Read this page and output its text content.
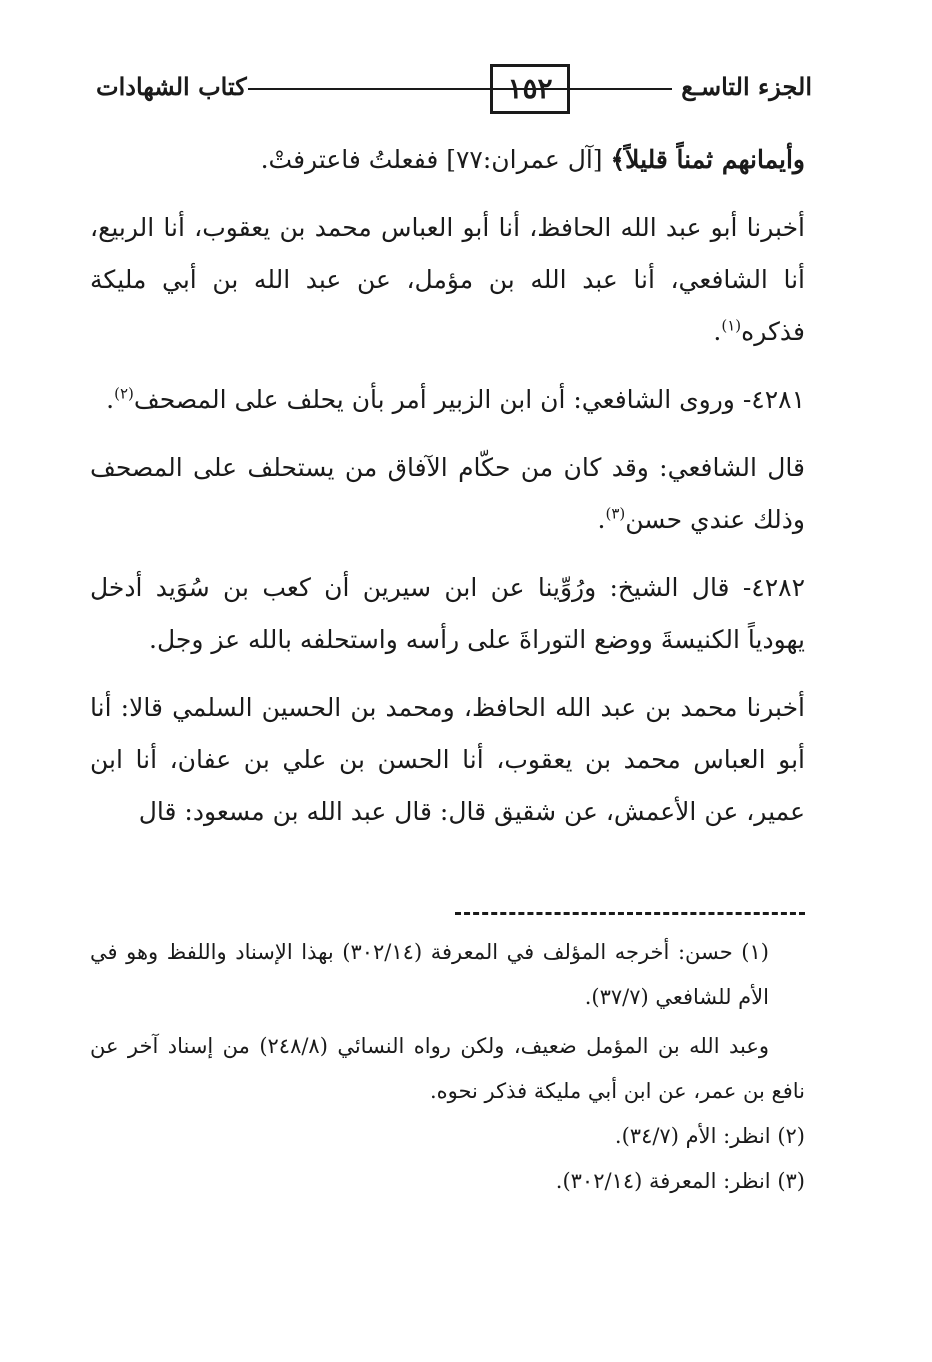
الجزء التاسـع
١٥٢
كتاب الشهادات

وأيمانهم ثمناً قليلاً﴾ [آل عمران:٧٧] ففعلتُ فاعترفتْ.

أخبرنا أبو عبد الله الحافظ، أنا أبو العباس محمد بن يعقوب، أنا الربيع، أنا الشافعي، أنا عبد الله بن مؤمل، عن عبد الله بن أبي مليكة فذكره$^{(١)}$.

٤٢٨١- وروى الشافعي: أن ابن الزبير أمر بأن يحلف على المصحف$^{(٢)}$.

قال الشافعي: وقد كان من حكّام الآفاق من يستحلف على المصحف وذلك عندي حسن$^{(٣)}$.

٤٢٨٢- قال الشيخ: ورُوِّينا عن ابن سيرين أن كعب بن سُوَيد أدخل يهودياً الكنيسةَ ووضع التوراةَ على رأسه واستحلفه بالله عز وجل.

أخبرنا محمد بن عبد الله الحافظ، ومحمد بن الحسين السلمي قالا: أنا أبو العباس محمد بن يعقوب، أنا الحسن بن علي بن عفان، أنا ابن عمير، عن الأعمش، عن شقيق قال: قال عبد الله بن مسعود: قال

(١) حسن: أخرجه المؤلف في المعرفة (٣٠٢/١٤) بهذا الإسناد واللفظ وهو في الأم للشافعي (٣٧/٧).

وعبد الله بن المؤمل ضعيف، ولكن رواه النسائي (٢٤٨/٨) من إسناد آخر عن نافع بن عمر، عن ابن أبي مليكة فذكر نحوه.

(٢) انظر: الأم (٣٤/٧).

(٣) انظر: المعرفة (٣٠٢/١٤).
